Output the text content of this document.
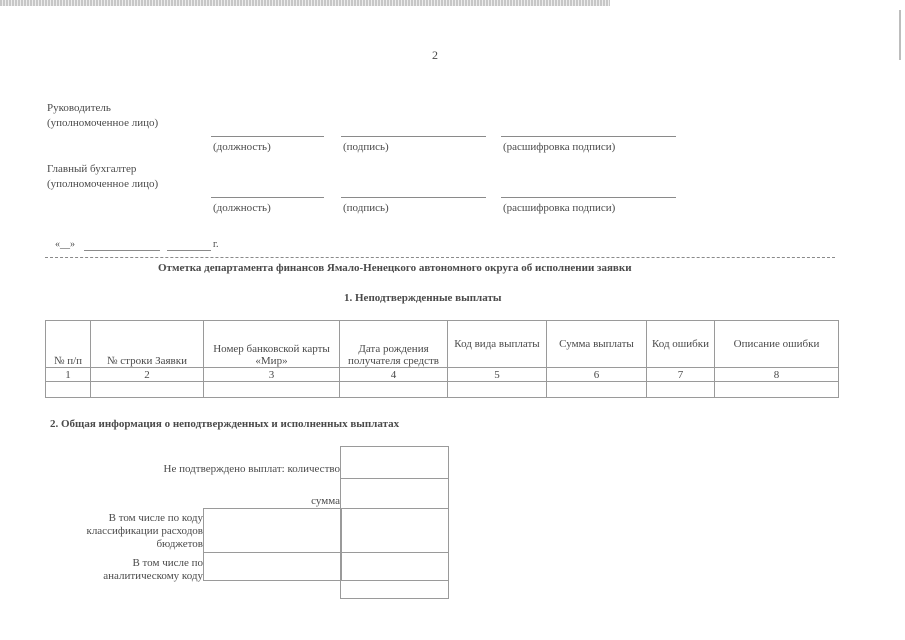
2
Руководитель
(уполномоченное лицо)
(должность)	(подпись)	(расшифровка подписи)
Главный бухгалтер
(уполномоченное лицо)
(должность)	(подпись)	(расшифровка подписи)
«__»	г.
Отметка департамента финансов Ямало-Ненецкого автономного округа об исполнении заявки
1. Неподтвержденные выплаты
№ п/п	№ строки Заявки	Номер банковской карты «Мир»	Дата рождения получателя средств	Код вида выплаты	Сумма выплаты	Код ошибки	Описание ошибки
1	2	3	4	5	6	7	8

2. Общая информация о неподтвержденных и исполненных выплатах
Не подтверждено выплат: количество
сумма
В том числе по коду классификации расходов бюджетов
В том числе по аналитическому коду
